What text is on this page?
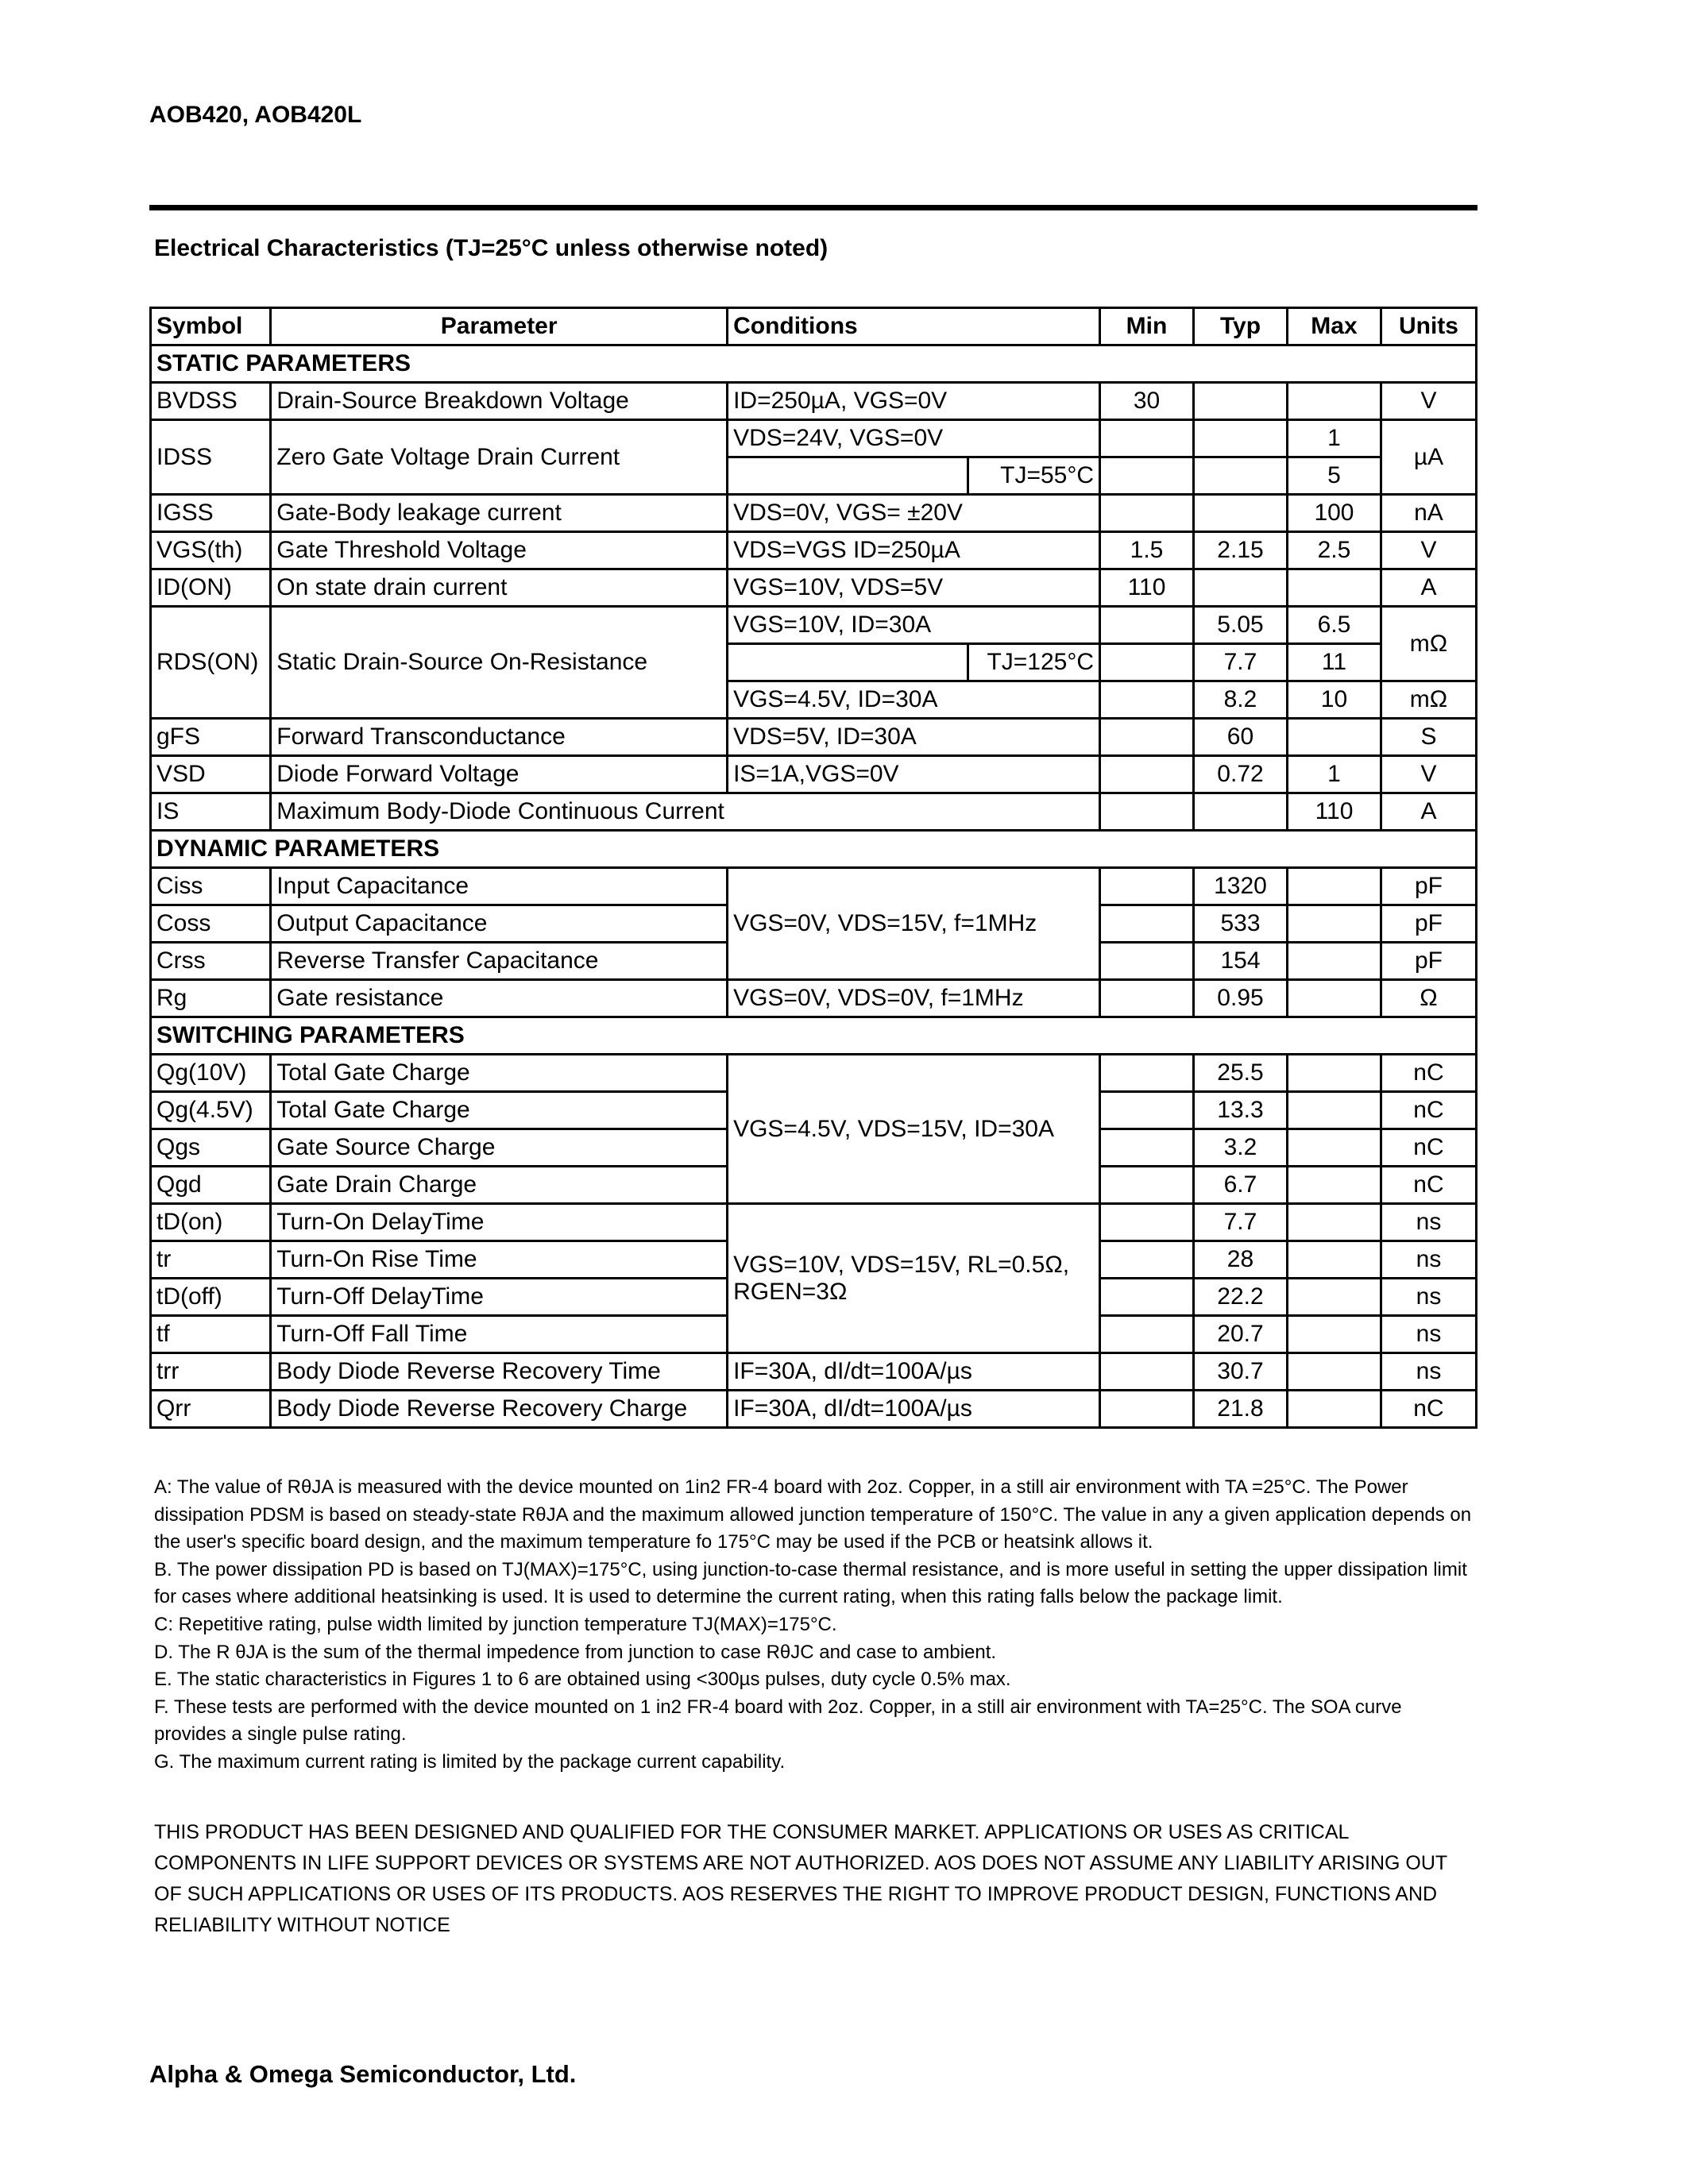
AOB420, AOB420L
Electrical Characteristics (TJ=25°C unless otherwise noted)
Symbol	Parameter	Conditions		Min	Typ	Max	Units
STATIC PARAMETERS							
BVDSS	Drain-Source Breakdown Voltage	ID=250µA, VGS=0V		30			V
IDSS	Zero Gate Voltage Drain Current	VDS=24V, VGS=0V				1	µA
			TJ=55°C			5	
IGSS	Gate-Body leakage current	VDS=0V, VGS= ±20V				100	nA
VGS(th)	Gate Threshold Voltage	VDS=VGS ID=250µA		1.5	2.15	2.5	V
ID(ON)	On state drain current	VGS=10V, VDS=5V		110			A
RDS(ON)	Static Drain-Source On-Resistance	VGS=10V, ID=30A			5.05	6.5	mΩ
			TJ=125°C		7.7	11	
		VGS=4.5V, ID=30A			8.2	10	mΩ
gFS	Forward Transconductance	VDS=5V, ID=30A			60		S
VSD	Diode Forward Voltage	IS=1A,VGS=0V			0.72	1	V
IS	Maximum Body-Diode Continuous Current					110	A
DYNAMIC PARAMETERS							
Ciss	Input Capacitance	VGS=0V, VDS=15V, f=1MHz			1320		pF
Coss	Output Capacitance				533		pF
Crss	Reverse Transfer Capacitance				154		pF
Rg	Gate resistance	VGS=0V, VDS=0V, f=1MHz			0.95		Ω
SWITCHING PARAMETERS							
Qg(10V)	Total Gate Charge	VGS=4.5V, VDS=15V, ID=30A			25.5		nC
Qg(4.5V)	Total Gate Charge				13.3		nC
Qgs	Gate Source Charge				3.2		nC
Qgd	Gate Drain Charge				6.7		nC
tD(on)	Turn-On DelayTime	VGS=10V, VDS=15V, RL=0.5Ω, RGEN=3Ω			7.7		ns
tr	Turn-On Rise Time				28		ns
tD(off)	Turn-Off DelayTime				22.2		ns
tf	Turn-Off Fall Time				20.7		ns
trr	Body Diode Reverse Recovery Time	IF=30A, dI/dt=100A/µs			30.7		ns
Qrr	Body Diode Reverse Recovery Charge	IF=30A, dI/dt=100A/µs			21.8		nC

A: The value of RθJA is measured with the device mounted on 1in2 FR-4 board with 2oz. Copper, in a still air environment with TA =25°C. The Power dissipation PDSM is based on steady-state RθJA and the maximum allowed junction temperature of 150°C. The value in any a given application depends on the user's specific board design, and the maximum temperature fo 175°C may be used if the PCB or heatsink allows it.

B. The power dissipation PD is based on TJ(MAX)=175°C, using junction-to-case thermal resistance, and is more useful in setting the upper dissipation limit for cases where additional heatsinking is used. It is used to determine the current rating, when this rating falls below the package limit.

C: Repetitive rating, pulse width limited by junction temperature TJ(MAX)=175°C.

D. The R θJA is the sum of the thermal impedence from junction to case RθJC and case to ambient.

E. The static characteristics in Figures 1 to 6 are obtained using <300µs pulses, duty cycle 0.5% max.

F. These tests are performed with the device mounted on 1 in2 FR-4 board with 2oz. Copper, in a still air environment with TA=25°C. The SOA curve provides a single pulse rating.

G. The maximum current rating is limited by the package current capability.

THIS PRODUCT HAS BEEN DESIGNED AND QUALIFIED FOR THE CONSUMER MARKET. APPLICATIONS OR USES AS CRITICAL COMPONENTS IN LIFE SUPPORT DEVICES OR SYSTEMS ARE NOT AUTHORIZED. AOS DOES NOT ASSUME ANY LIABILITY ARISING OUT OF SUCH APPLICATIONS OR USES OF ITS PRODUCTS. AOS RESERVES THE RIGHT TO IMPROVE PRODUCT DESIGN, FUNCTIONS AND RELIABILITY WITHOUT NOTICE
Alpha & Omega Semiconductor, Ltd.
